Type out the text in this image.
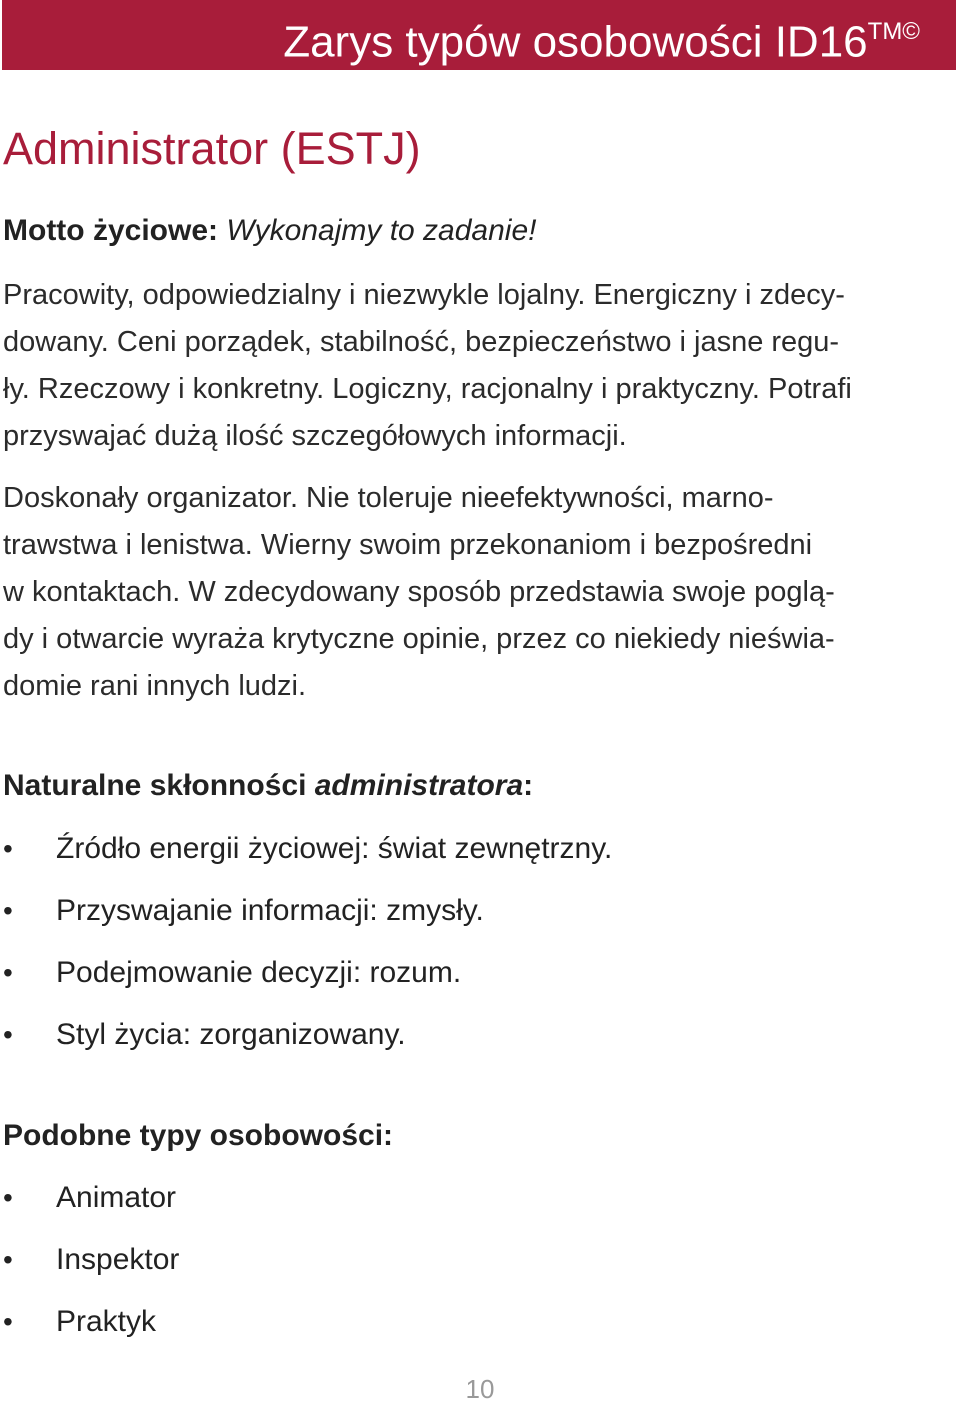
Zarys typów osobowości $ID16^{TM©}$
Administrator (ESTJ)
Motto życiowe: Wykonajmy to zadanie!
Pracowity, odpowiedzialny i niezwykle lojalny. Energiczny i zdecy-
dowany. Ceni porządek, stabilność, bezpieczeństwo i jasne regu-
ły. Rzeczowy i konkretny. Logiczny, racjonalny i praktyczny. Potrafi
przyswajać dużą ilość szczegółowych informacji.
Doskonały organizator. Nie toleruje nieefektywności, marno-
trawstwa i lenistwa. Wierny swoim przekonaniom i bezpośredni
w kontaktach. W zdecydowany sposób przedstawia swoje poglą-
dy i otwarcie wyraża krytyczne opinie, przez co niekiedy nieświa-
domie rani innych ludzi.
Naturalne skłonności administratora:
•	Źródło energii życiowej: świat zewnętrzny.
•	Przyswajanie informacji: zmysły.
•	Podejmowanie decyzji: rozum.
•	Styl życia: zorganizowany.
Podobne typy osobowości:
•	Animator
•	Inspektor
•	Praktyk
10
